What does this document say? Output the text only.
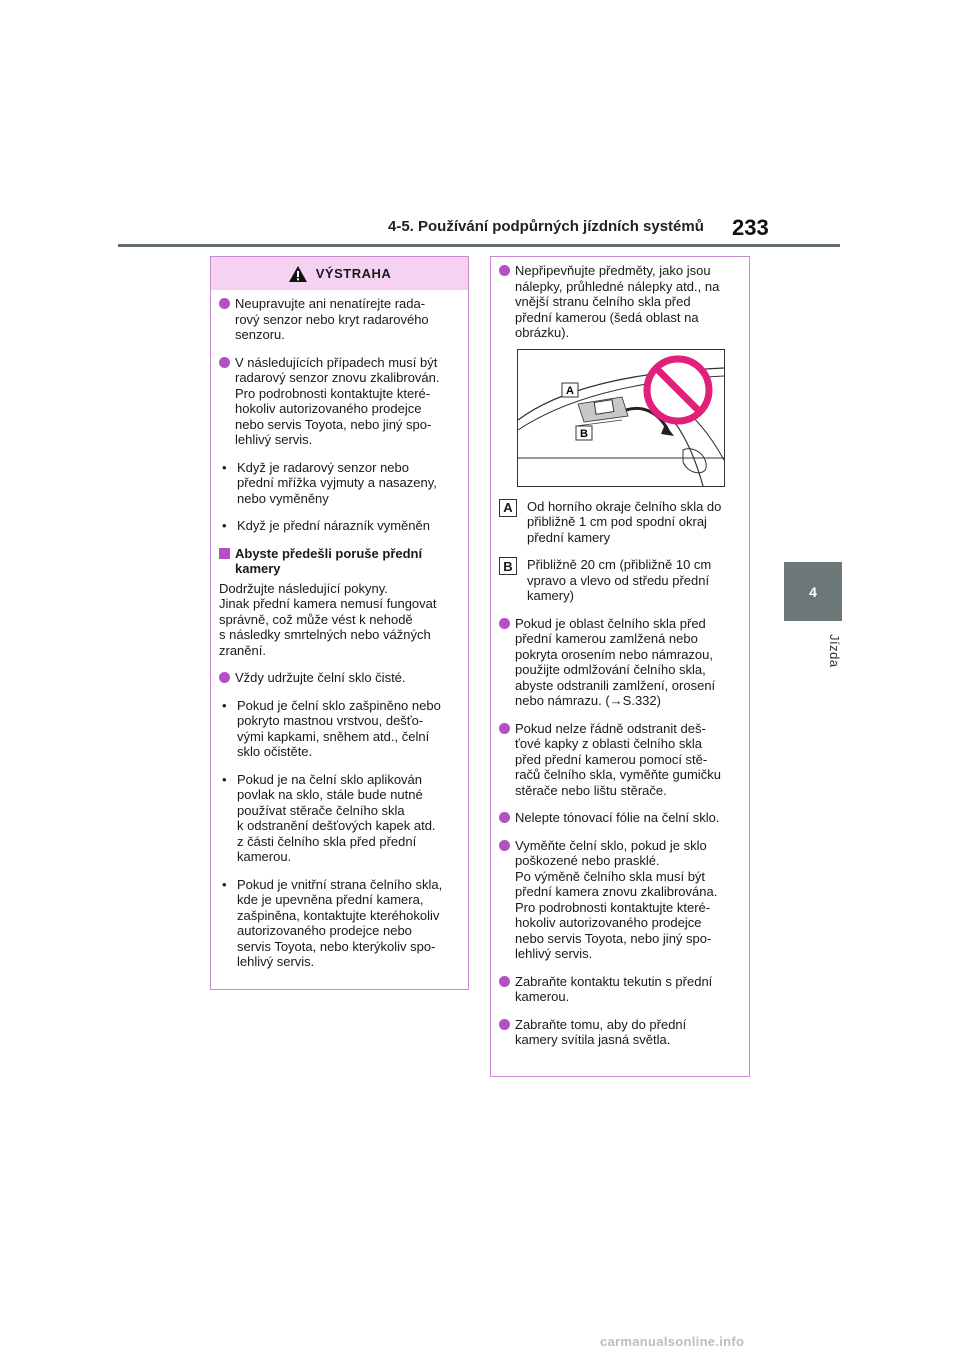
4-5. Používání podpůrných jízdních systémů 233
4
Jízda
VÝSTRAHA
Neupravujte ani nenatírejte rada-
rový senzor nebo kryt radarového
senzoru.
V následujících případech musí být
radarový senzor znovu zkalibrován.
Pro podrobnosti kontaktujte které-
hokoliv autorizovaného prodejce
nebo servis Toyota, nebo jiný spo-
lehlivý servis.
• Když je radarový senzor nebo
přední mřížka vyjmuty a nasazeny,
nebo vyměněny
• Když je přední nárazník vyměněn
Abyste předešli poruše přední
kamery
Dodržujte následující pokyny.
Jinak přední kamera nemusí fungovat
správně, což může vést k nehodě
s následky smrtelných nebo vážných
zranění.
Vždy udržujte čelní sklo čisté.
• Pokud je čelní sklo zašpiněno nebo
pokryto mastnou vrstvou, dešťo-
vými kapkami, sněhem atd., čelní
sklo očistěte.
• Pokud je na čelní sklo aplikován
povlak na sklo, stále bude nutné
používat stěrače čelního skla
k odstranění dešťových kapek atd.
z části čelního skla před přední
kamerou.
• Pokud je vnitřní strana čelního skla,
kde je upevněna přední kamera,
zašpiněna, kontaktujte kteréhokoliv
autorizovaného prodejce nebo
servis Toyota, nebo kterýkoliv spo-
lehlivý servis.
Nepřipevňujte předměty, jako jsou
nálepky, průhledné nálepky atd., na
vnější stranu čelního skla před
přední kamerou (šedá oblast na
obrázku).
A
B
A	Od horního okraje čelního skla do
přibližně 1 cm pod spodní okraj
přední kamery
B	Přibližně 20 cm (přibližně 10 cm
vpravo a vlevo od středu přední
kamery)
Pokud je oblast čelního skla před
přední kamerou zamlžená nebo
pokryta orosením nebo námrazou,
použijte odmlžování čelního skla,
abyste odstranili zamlžení, orosení
nebo námrazu. (→S.332)
Pokud nelze řádně odstranit deš-
ťové kapky z oblasti čelního skla
před přední kamerou pomocí stě-
račů čelního skla, vyměňte gumičku
stěrače nebo lištu stěrače.
Nelepte tónovací fólie na čelní sklo.
Vyměňte čelní sklo, pokud je sklo
poškozené nebo prasklé.
Po výměně čelního skla musí být
přední kamera znovu zkalibrována.
Pro podrobnosti kontaktujte které-
hokoliv autorizovaného prodejce
nebo servis Toyota, nebo jiný spo-
lehlivý servis.
Zabraňte kontaktu tekutin s přední
kamerou.
Zabraňte tomu, aby do přední
kamery svítila jasná světla.
carmanualsonline.info
